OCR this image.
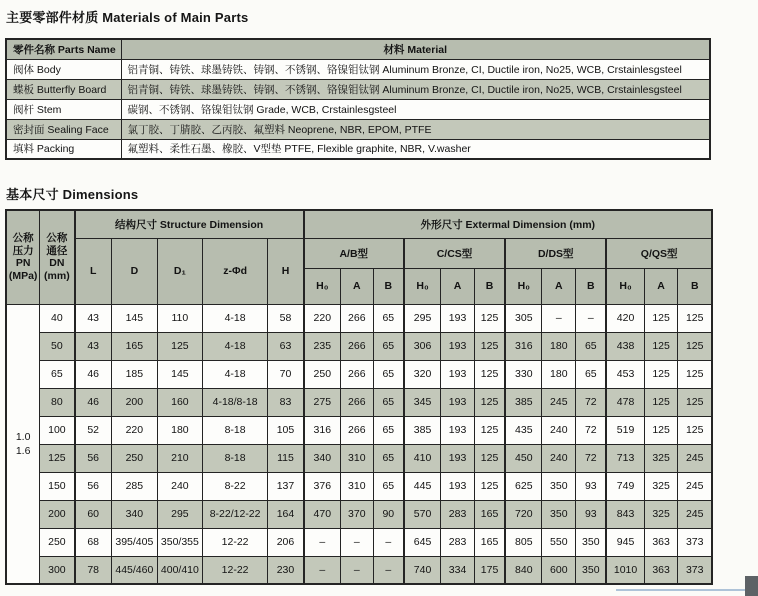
主要零部件材质 Materials of Main Parts
零件名称 Parts Name	材料 Material
阀体 Body	铝青铜、铸铁、球墨铸铁、铸钢、不锈钢、铬镍钼钛钢 Aluminum Bronze, CI, Ductile iron, No25, WCB, Crstainlesgsteel
蝶板 Butterfly Board	铝青铜、铸铁、球墨铸铁、铸钢、不锈钢、铬镍钼钛钢 Aluminum Bronze, CI, Ductile iron, No25, WCB, Crstainlesgsteel
阀杆 Stem	碳钢、不锈钢、铬镍钼钛钢 Grade, WCB, Crstainlesgsteel
密封面 Sealing Face	氯丁胶、丁腈胶、乙丙胶、氟塑料 Neoprene, NBR, EPOM, PTFE
填料 Packing	氟塑料、柔性石墨、橡胶、V型垫 PTFE, Flexible graphite, NBR, V.washer
基本尺寸 Dimensions
公称
压力
PN
(MPa)	公称
通径
DN
(mm)	结构尺寸 Structure Dimension					外形尺寸 Extermal Dimension (mm)											
		L	D	D₁	z-Φd	H	A/B型			C/CS型			D/DS型			Q/QS型		
							H₀	A	B	H₀	A	B	H₀	A	B	H₀	A	B

1.0
1.6	40	43	145	110	4-18	58	220	266	65	295	193	125	305	–	–	420	125	125
	50	43	165	125	4-18	63	235	266	65	306	193	125	316	180	65	438	125	125
	65	46	185	145	4-18	70	250	266	65	320	193	125	330	180	65	453	125	125
	80	46	200	160	4-18/8-18	83	275	266	65	345	193	125	385	245	72	478	125	125
	100	52	220	180	8-18	105	316	266	65	385	193	125	435	240	72	519	125	125
	125	56	250	210	8-18	115	340	310	65	410	193	125	450	240	72	713	325	245
	150	56	285	240	8-22	137	376	310	65	445	193	125	625	350	93	749	325	245
	200	60	340	295	8-22/12-22	164	470	370	90	570	283	165	720	350	93	843	325	245
	250	68	395/405	350/355	12-22	206	–	–	–	645	283	165	805	550	350	945	363	373
	300	78	445/460	400/410	12-22	230	–	–	–	740	334	175	840	600	350	1010	363	373
